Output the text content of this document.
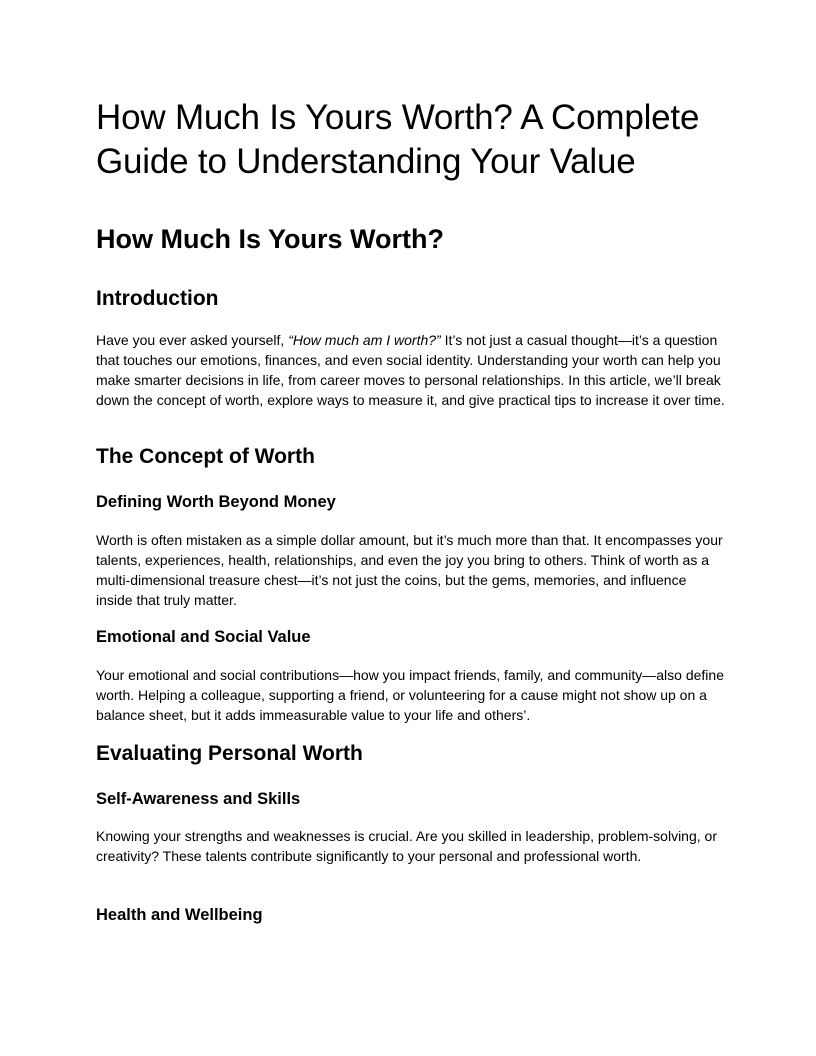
How Much Is Yours Worth? A Complete Guide to Understanding Your Value
How Much Is Yours Worth?
Introduction

Have you ever asked yourself, “How much am I worth?” It’s not just a casual thought—it’s a question that touches our emotions, finances, and even social identity. Understanding your worth can help you make smarter decisions in life, from career moves to personal relationships. In this article, we’ll break down the concept of worth, explore ways to measure it, and give practical tips to increase it over time.

The Concept of Worth
Defining Worth Beyond Money

Worth is often mistaken as a simple dollar amount, but it’s much more than that. It encompasses your talents, experiences, health, relationships, and even the joy you bring to others. Think of worth as a multi-dimensional treasure chest—it’s not just the coins, but the gems, memories, and influence inside that truly matter.

Emotional and Social Value

Your emotional and social contributions—how you impact friends, family, and community—also define worth. Helping a colleague, supporting a friend, or volunteering for a cause might not show up on a balance sheet, but it adds immeasurable value to your life and others’.

Evaluating Personal Worth
Self-Awareness and Skills

Knowing your strengths and weaknesses is crucial. Are you skilled in leadership, problem-solving, or creativity? These talents contribute significantly to your personal and professional worth.

Health and Wellbeing
